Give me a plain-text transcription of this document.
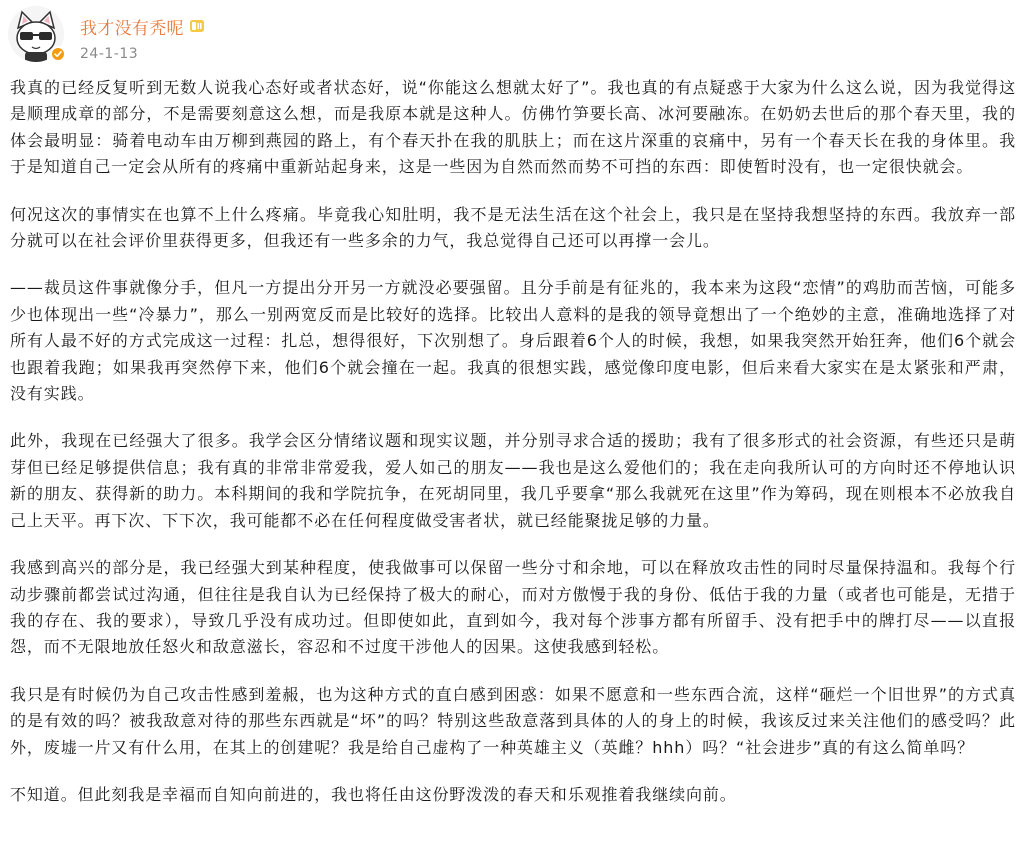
我才没有秃呢
24-1-13

我真的已经反复听到无数人说我心态好或者状态好，说“你能这么想就太好了”。我也真的有点疑惑于大家为什么这么说，因为我觉得这是顺理成章的部分，不是需要刻意这么想，而是我原本就是这种人。仿佛竹笋要长高、冰河要融冻。在奶奶去世后的那个春天里，我的体会最明显：骑着电动车由万柳到燕园的路上，有个春天扑在我的肌肤上；而在这片深重的哀痛中，另有一个春天长在我的身体里。我于是知道自己一定会从所有的疼痛中重新站起身来，这是一些因为自然而然而势不可挡的东西：即使暂时没有，也一定很快就会。

何况这次的事情实在也算不上什么疼痛。毕竟我心知肚明，我不是无法生活在这个社会上，我只是在坚持我想坚持的东西。我放弃一部分就可以在社会评价里获得更多，但我还有一些多余的力气，我总觉得自己还可以再撑一会儿。

——裁员这件事就像分手，但凡一方提出分开另一方就没必要强留。且分手前是有征兆的，我本来为这段“恋情”的鸡肋而苦恼，可能多少也体现出一些“冷暴力”，那么一别两宽反而是比较好的选择。比较出人意料的是我的领导竟想出了一个绝妙的主意，准确地选择了对所有人最不好的方式完成这一过程：扎总，想得很好，下次别想了。身后跟着6个人的时候，我想，如果我突然开始狂奔，他们6个就会也跟着我跑；如果我再突然停下来，他们6个就会撞在一起。我真的很想实践，感觉像印度电影，但后来看大家实在是太紧张和严肃，没有实践。

此外，我现在已经强大了很多。我学会区分情绪议题和现实议题，并分别寻求合适的援助；我有了很多形式的社会资源，有些还只是萌芽但已经足够提供信息；我有真的非常非常爱我，爱人如己的朋友——我也是这么爱他们的；我在走向我所认可的方向时还不停地认识新的朋友、获得新的助力。本科期间的我和学院抗争，在死胡同里，我几乎要拿“那么我就死在这里”作为筹码，现在则根本不必放我自己上天平。再下次、下下次，我可能都不必在任何程度做受害者状，就已经能聚拢足够的力量。

我感到高兴的部分是，我已经强大到某种程度，使我做事可以保留一些分寸和余地，可以在释放攻击性的同时尽量保持温和。我每个行动步骤前都尝试过沟通，但往往是我自认为已经保持了极大的耐心，而对方傲慢于我的身份、低估于我的力量（或者也可能是，无措于我的存在、我的要求），导致几乎没有成功过。但即使如此，直到如今，我对每个涉事方都有所留手、没有把手中的牌打尽——以直报怨，而不无限地放任怒火和敌意滋长，容忍和不过度干涉他人的因果。这使我感到轻松。

我只是有时候仍为自己攻击性感到羞赧，也为这种方式的直白感到困惑：如果不愿意和一些东西合流，这样“砸烂一个旧世界”的方式真的是有效的吗？被我敌意对待的那些东西就是“坏”的吗？特别这些敌意落到具体的人的身上的时候，我该反过来关注他们的感受吗？此外，废墟一片又有什么用，在其上的创建呢？我是给自己虚构了一种英雄主义（英雌？hhh）吗？“社会进步”真的有这么简单吗？

不知道。但此刻我是幸福而自知向前进的，我也将任由这份野泼泼的春天和乐观推着我继续向前。
